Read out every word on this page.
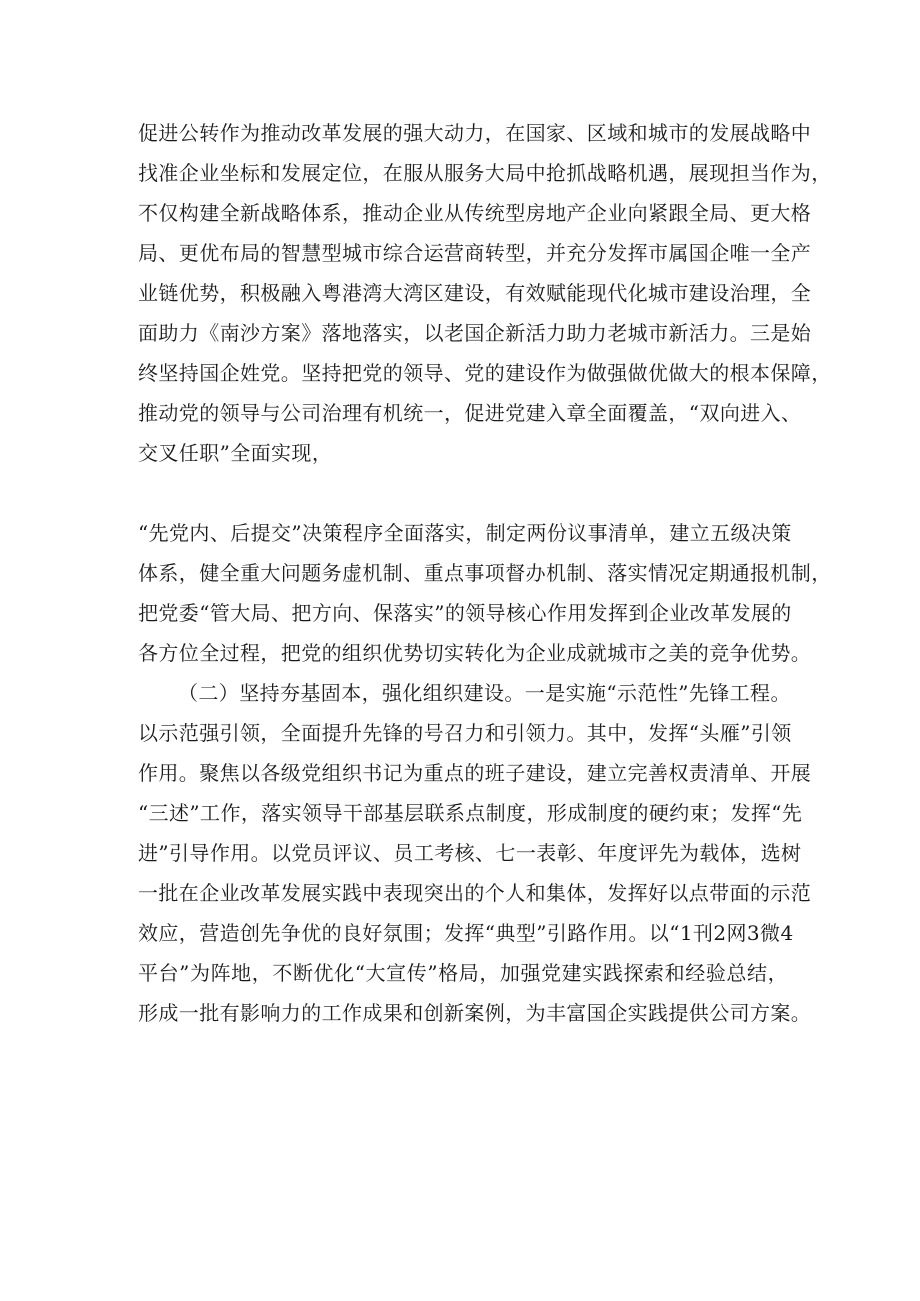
促进公转作为推动改革发展的强大动力，在国家、区域和城市的发展战略中
找准企业坐标和发展定位，在服从服务大局中抢抓战略机遇，展现担当作为，
不仅构建全新战略体系，推动企业从传统型房地产企业向紧跟全局、更大格
局、更优布局的智慧型城市综合运营商转型，并充分发挥市属国企唯一全产
业链优势，积极融入粤港湾大湾区建设，有效赋能现代化城市建设治理，全
面助力《南沙方案》落地落实，以老国企新活力助力老城市新活力。三是始
终坚持国企姓党。坚持把党的领导、党的建设作为做强做优做大的根本保障，
推动党的领导与公司治理有机统一，促进党建入章全面覆盖，“双向进入、
交叉任职”全面实现，
“先党内、后提交”决策程序全面落实，制定两份议事清单，建立五级决策
体系，健全重大问题务虚机制、重点事项督办机制、落实情况定期通报机制，
把党委“管大局、把方向、保落实”的领导核心作用发挥到企业改革发展的
各方位全过程，把党的组织优势切实转化为企业成就城市之美的竞争优势。
（二）坚持夯基固本，强化组织建设。一是实施“示范性”先锋工程。
以示范强引领，全面提升先锋的号召力和引领力。其中，发挥“头雁”引领
作用。聚焦以各级党组织书记为重点的班子建设，建立完善权责清单、开展
“三述”工作，落实领导干部基层联系点制度，形成制度的硬约束；发挥“先
进”引导作用。以党员评议、员工考核、七一表彰、年度评先为载体，选树
一批在企业改革发展实践中表现突出的个人和集体，发挥好以点带面的示范
效应，营造创先争优的良好氛围；发挥“典型”引路作用。以“1刊2网3微4
平台”为阵地，不断优化“大宣传”格局，加强党建实践探索和经验总结，
形成一批有影响力的工作成果和创新案例，为丰富国企实践提供公司方案。
